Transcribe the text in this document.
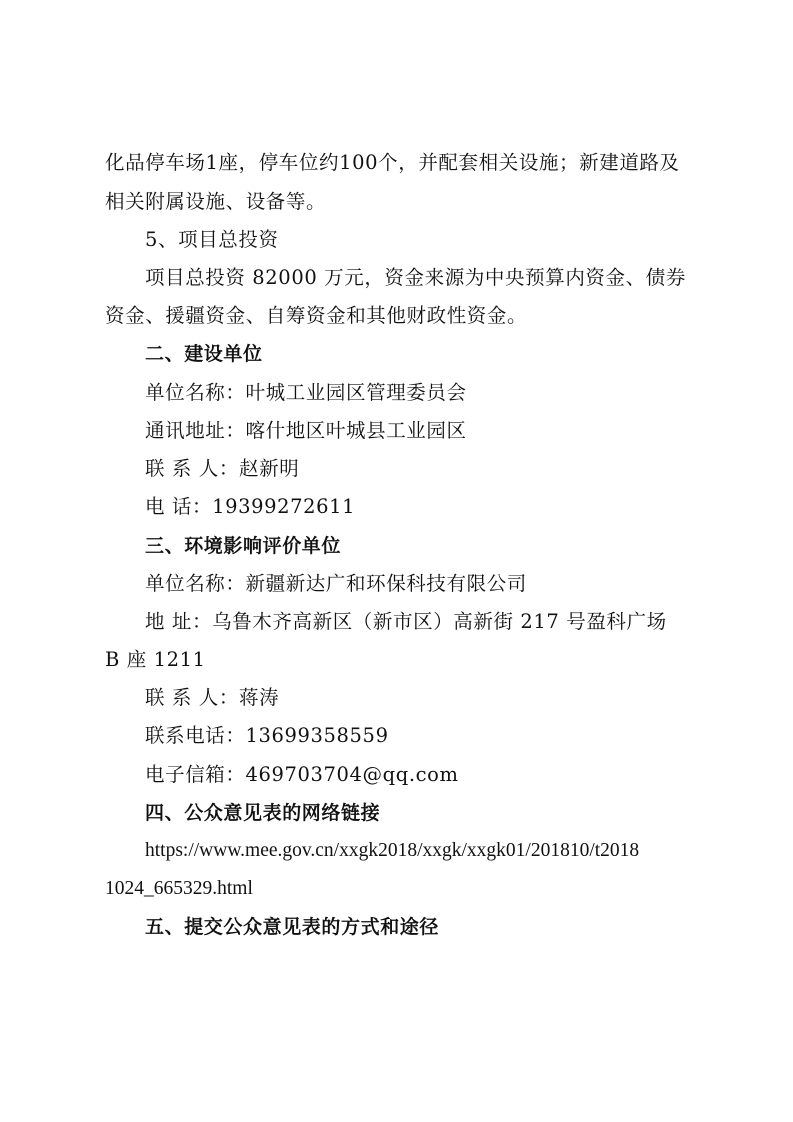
化品停车场1座，停车位约100个，并配套相关设施；新建道路及
相关附属设施、设备等。
5、项目总投资
项目总投资 82000 万元，资金来源为中央预算内资金、债券
资金、援疆资金、自筹资金和其他财政性资金。
二、建设单位
单位名称：叶城工业园区管理委员会
通讯地址：喀什地区叶城县工业园区
联 系 人：赵新明
电 话：19399272611
三、环境影响评价单位
单位名称：新疆新达广和环保科技有限公司
地 址：乌鲁木齐高新区（新市区）高新街 217 号盈科广场
B 座 1211
联 系 人：蒋涛
联系电话：13699358559
电子信箱：469703704@qq.com
四、公众意见表的网络链接
https://www.mee.gov.cn/xxgk2018/xxgk/xxgk01/201810/t2018
1024_665329.html
五、提交公众意见表的方式和途径
